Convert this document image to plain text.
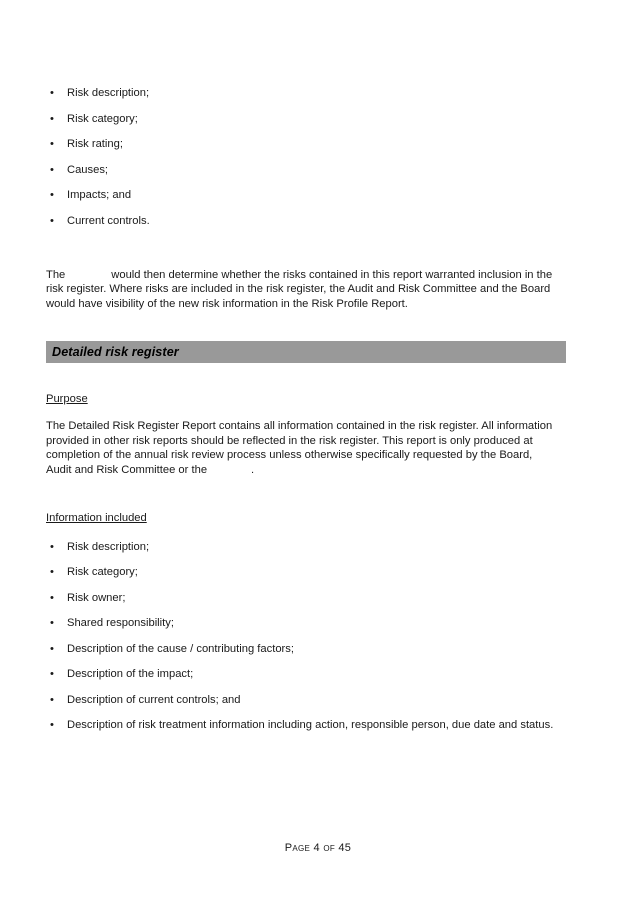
• Risk description;
• Risk category;
• Risk rating;
• Causes;
• Impacts; and
• Current controls.

The	would then determine whether the risks contained in this report warranted inclusion in the risk register. Where risks are included in the risk register, the Audit and Risk Committee and the Board would have visibility of the new risk information in the Risk Profile Report.

Detailed risk register
Purpose

The Detailed Risk Register Report contains all information contained in the risk register. All information provided in other risk reports should be reflected in the risk register. This report is only produced at completion of the annual risk review process unless otherwise specifically requested by the Board, Audit and Risk Committee or the	.

Information included
• Risk description;
• Risk category;
• Risk owner;
• Shared responsibility;
• Description of the cause / contributing factors;
• Description of the impact;
• Description of current controls; and
• Description of risk treatment information including action, responsible person, due date and status.
Page 4 of 45
